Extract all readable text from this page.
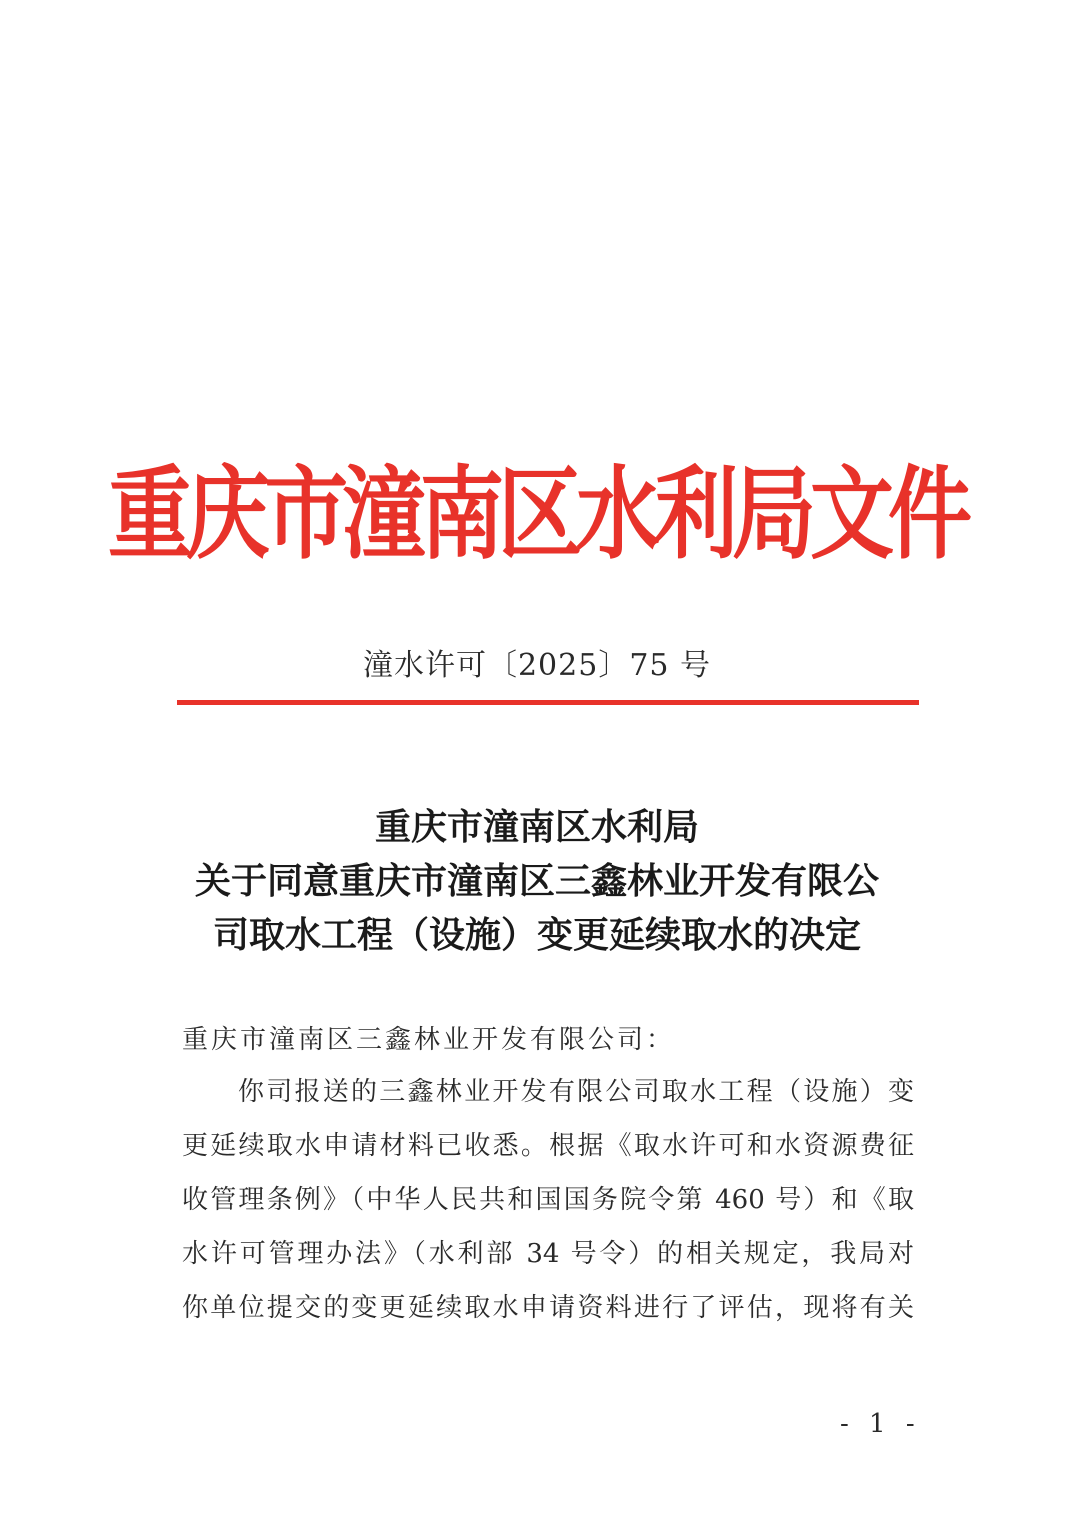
重庆市潼南区水利局文件
潼水许可〔2025〕75 号
重庆市潼南区水利局
关于同意重庆市潼南区三鑫林业开发有限公
司取水工程（设施）变更延续取水的决定
重庆市潼南区三鑫林业开发有限公司：
你司报送的三鑫林业开发有限公司取水工程（设施）变
更延续取水申请材料已收悉。根据《取水许可和水资源费征
收管理条例》（中华人民共和国国务院令第 460 号）和《取
水许可管理办法》（水利部 34 号令）的相关规定，我局对
你单位提交的变更延续取水申请资料进行了评估，现将有关
- 1 -
